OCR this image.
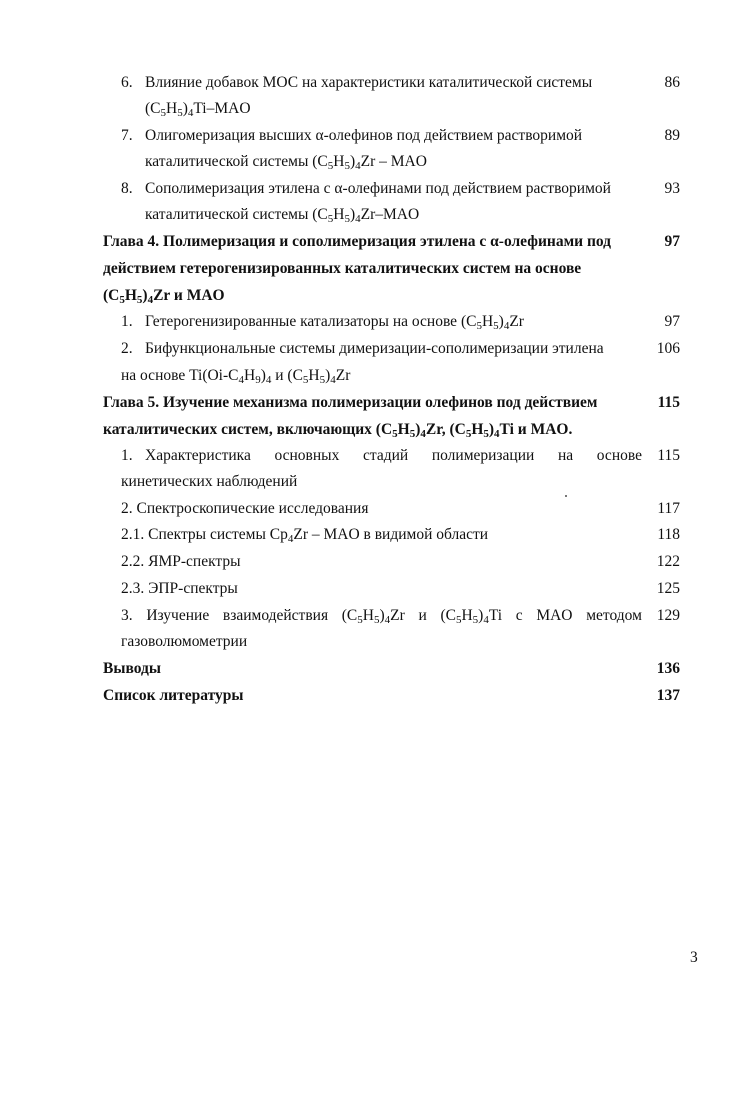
6. Влияние добавок МОС на характеристики каталитической системы	86
$(C_5H_5)_4Ti$–MAO
7. Олигомеризация высших α-олефинов под действием растворимой	89
каталитической системы $(C_5H_5)_4Zr$ – MAO
8. Сополимеризация этилена с α-олефинами под действием растворимой	93
каталитической системы $(C_5H_5)_4Zr$–MAO
Глава 4. Полимеризация и сополимеризация этилена с α-олефинами под	97
действием гетерогенизированных каталитических систем на основе
$(C_5H_5)_4Zr$ и MAO
1. Гетерогенизированные катализаторы на основе $(C_5H_5)_4Zr$	97
2. Бифункциональные системы димеризации-сополимеризации этилена	106
на основе $Ti(Oi-C_4H_9)_4$ и $(C_5H_5)_4Zr$
Глава 5. Изучение механизма полимеризации олефинов под действием	115
каталитических систем, включающих $(C_5H_5)_4Zr$, $(C_5H_5)_4Ti$ и MAO.
1. Характеристика основных стадий полимеризации на основе 115
кинетических наблюдений
2. Спектроскопические исследования	117
2.1. Спектры системы $Cp_4Zr$ – MAO в видимой области	118
2.2. ЯМР-спектры	122
2.3. ЭПР-спектры	125
3. Изучение взаимодействия $(C_5H_5)_4Zr$ и $(C_5H_5)_4Ti$ с MAO методом 129
газоволюмометрии
Выводы	136
Список литературы	137
3
